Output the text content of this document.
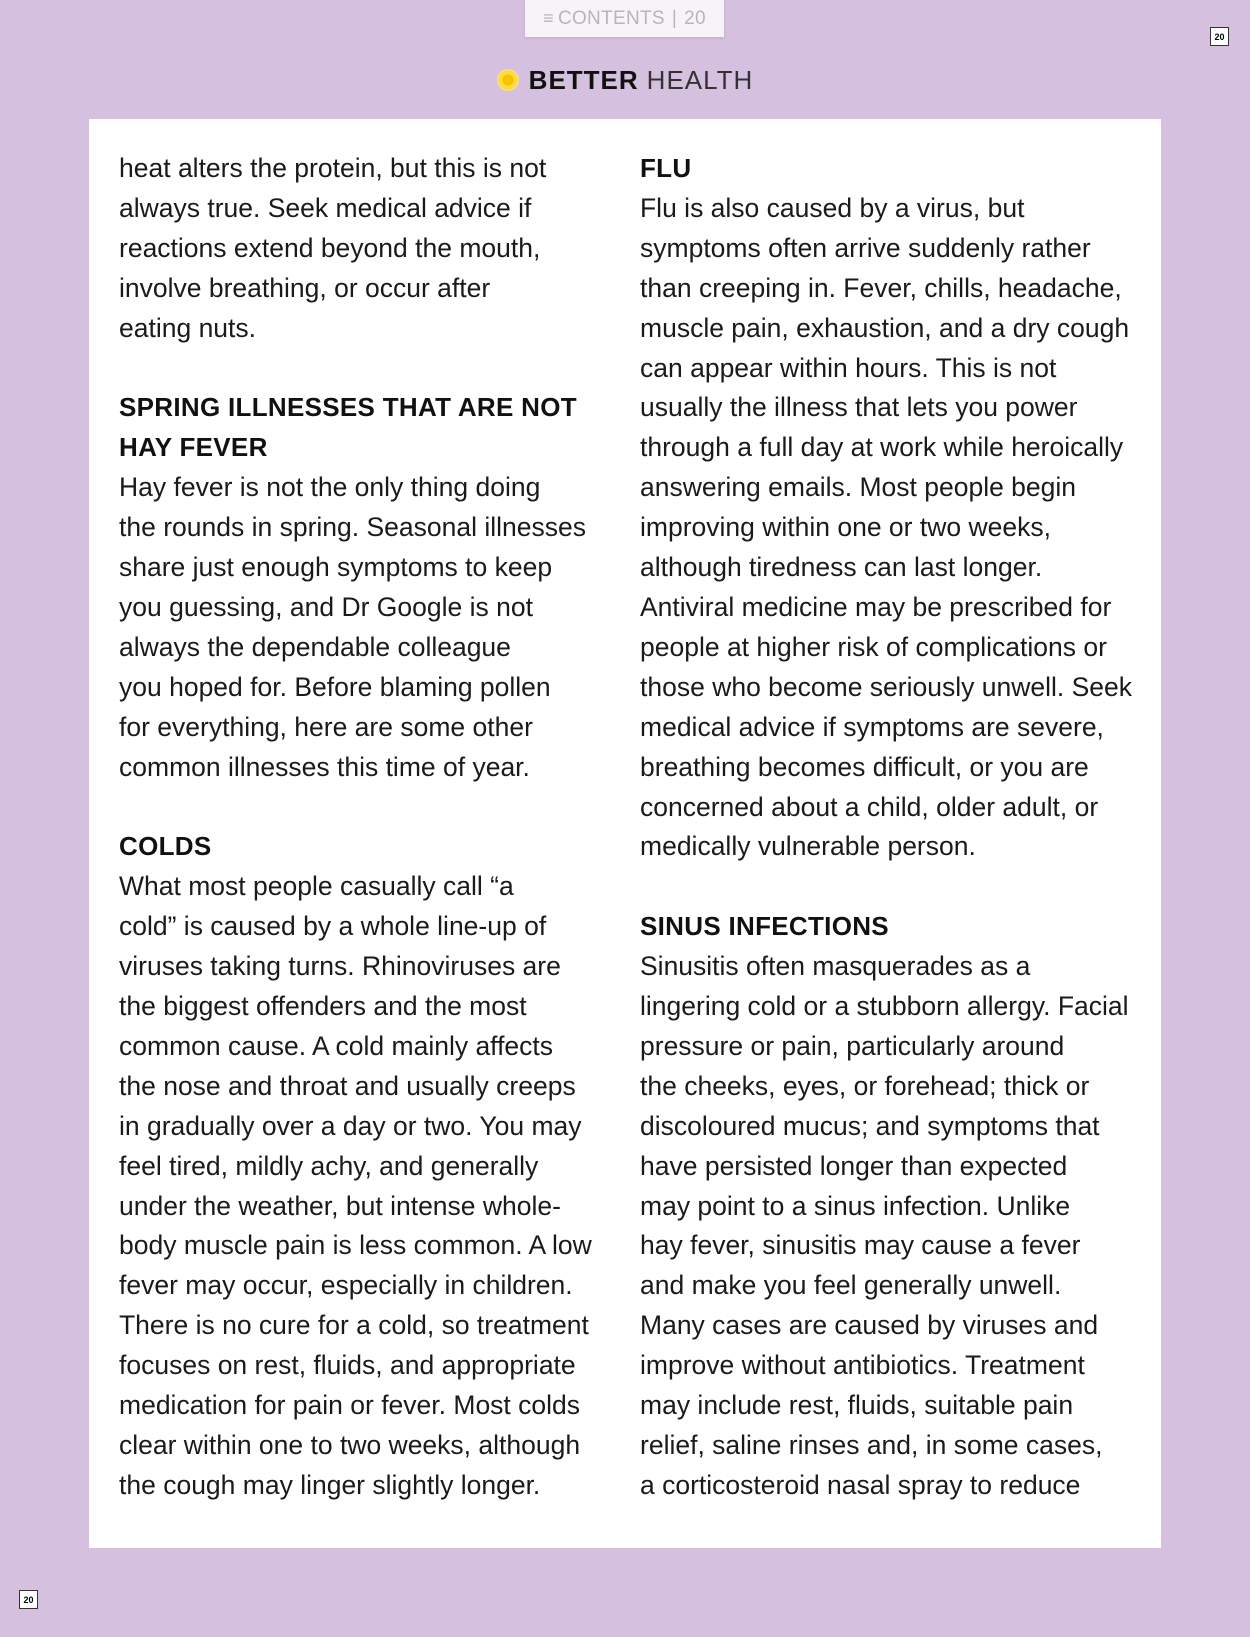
≡ CONTENTS | 20
20
BETTER HEALTH

heat alters the protein, but this is not
always true. Seek medical advice if
reactions extend beyond the mouth,
involve breathing, or occur after
eating nuts.

SPRING ILLNESSES THAT ARE NOT
HAY FEVER

Hay fever is not the only thing doing
the rounds in spring. Seasonal illnesses
share just enough symptoms to keep
you guessing, and Dr Google is not
always the dependable colleague
you hoped for. Before blaming pollen
for everything, here are some other
common illnesses this time of year.

COLDS

What most people casually call “a
cold” is caused by a whole line-up of
viruses taking turns. Rhinoviruses are
the biggest offenders and the most
common cause. A cold mainly affects
the nose and throat and usually creeps
in gradually over a day or two. You may
feel tired, mildly achy, and generally
under the weather, but intense whole-
body muscle pain is less common. A low
fever may occur, especially in children.
There is no cure for a cold, so treatment
focuses on rest, fluids, and appropriate
medication for pain or fever. Most colds
clear within one to two weeks, although
the cough may linger slightly longer.

FLU

Flu is also caused by a virus, but
symptoms often arrive suddenly rather
than creeping in. Fever, chills, headache,
muscle pain, exhaustion, and a dry cough
can appear within hours. This is not
usually the illness that lets you power
through a full day at work while heroically
answering emails. Most people begin
improving within one or two weeks,
although tiredness can last longer.
Antiviral medicine may be prescribed for
people at higher risk of complications or
those who become seriously unwell. Seek
medical advice if symptoms are severe,
breathing becomes difficult, or you are
concerned about a child, older adult, or
medically vulnerable person.

SINUS INFECTIONS

Sinusitis often masquerades as a
lingering cold or a stubborn allergy. Facial
pressure or pain, particularly around
the cheeks, eyes, or forehead; thick or
discoloured mucus; and symptoms that
have persisted longer than expected
may point to a sinus infection. Unlike
hay fever, sinusitis may cause a fever
and make you feel generally unwell.
Many cases are caused by viruses and
improve without antibiotics. Treatment
may include rest, fluids, suitable pain
relief, saline rinses and, in some cases,
a corticosteroid nasal spray to reduce

20
